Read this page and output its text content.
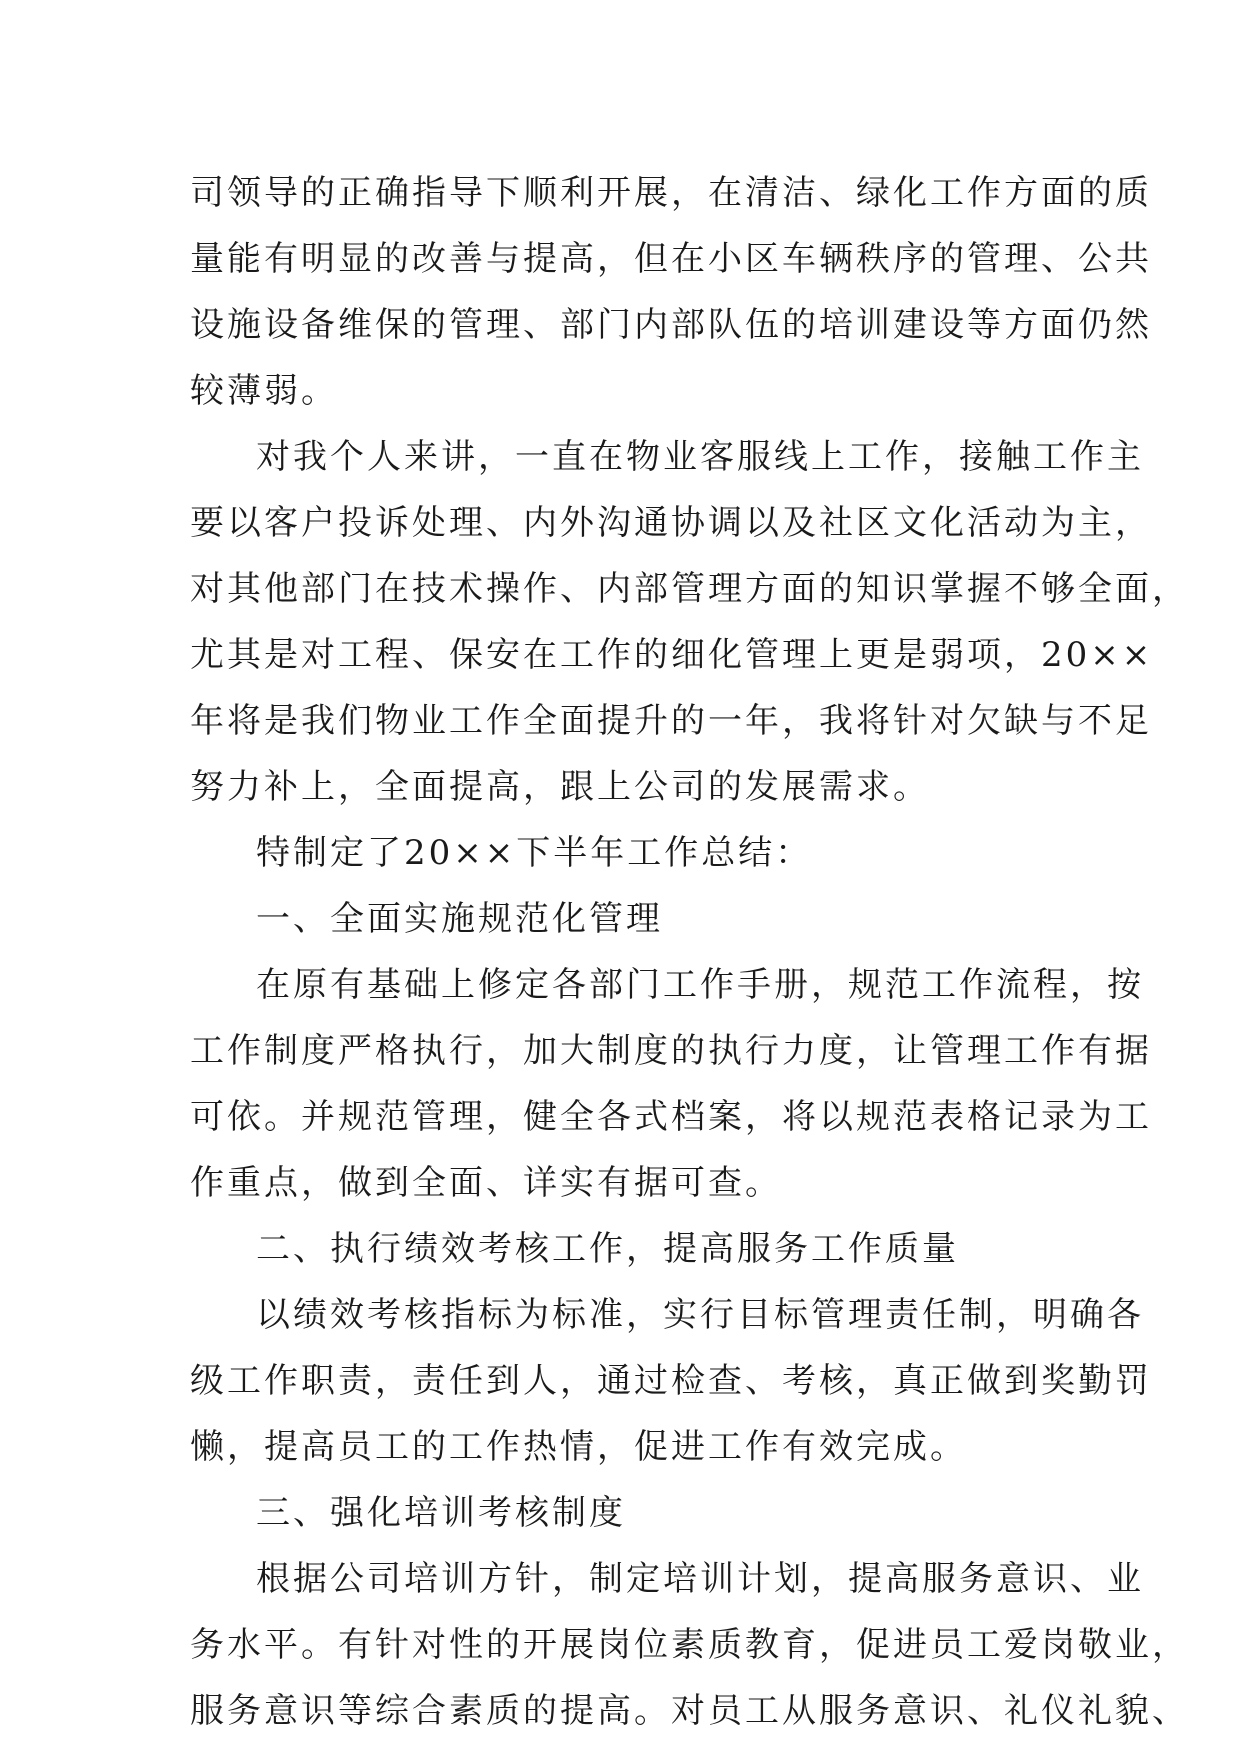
司领导的正确指导下顺利开展，在清洁、绿化工作方面的质
量能有明显的改善与提高，但在小区车辆秩序的管理、公共
设施设备维保的管理、部门内部队伍的培训建设等方面仍然
较薄弱。
对我个人来讲，一直在物业客服线上工作，接触工作主
要以客户投诉处理、内外沟通协调以及社区文化活动为主，
对其他部门在技术操作、内部管理方面的知识掌握不够全面，
尤其是对工程、保安在工作的细化管理上更是弱项，20××
年将是我们物业工作全面提升的一年，我将针对欠缺与不足
努力补上，全面提高，跟上公司的发展需求。
特制定了20××下半年工作总结：
一、全面实施规范化管理
在原有基础上修定各部门工作手册，规范工作流程，按
工作制度严格执行，加大制度的执行力度，让管理工作有据
可依。并规范管理，健全各式档案，将以规范表格记录为工
作重点，做到全面、详实有据可查。
二、执行绩效考核工作，提高服务工作质量
以绩效考核指标为标准，实行目标管理责任制，明确各
级工作职责，责任到人，通过检查、考核，真正做到奖勤罚
懒，提高员工的工作热情，促进工作有效完成。
三、强化培训考核制度
根据公司培训方针，制定培训计划，提高服务意识、业
务水平。有针对性的开展岗位素质教育，促进员工爱岗敬业，
服务意识等综合素质的提高。对员工从服务意识、礼仪礼貌、
